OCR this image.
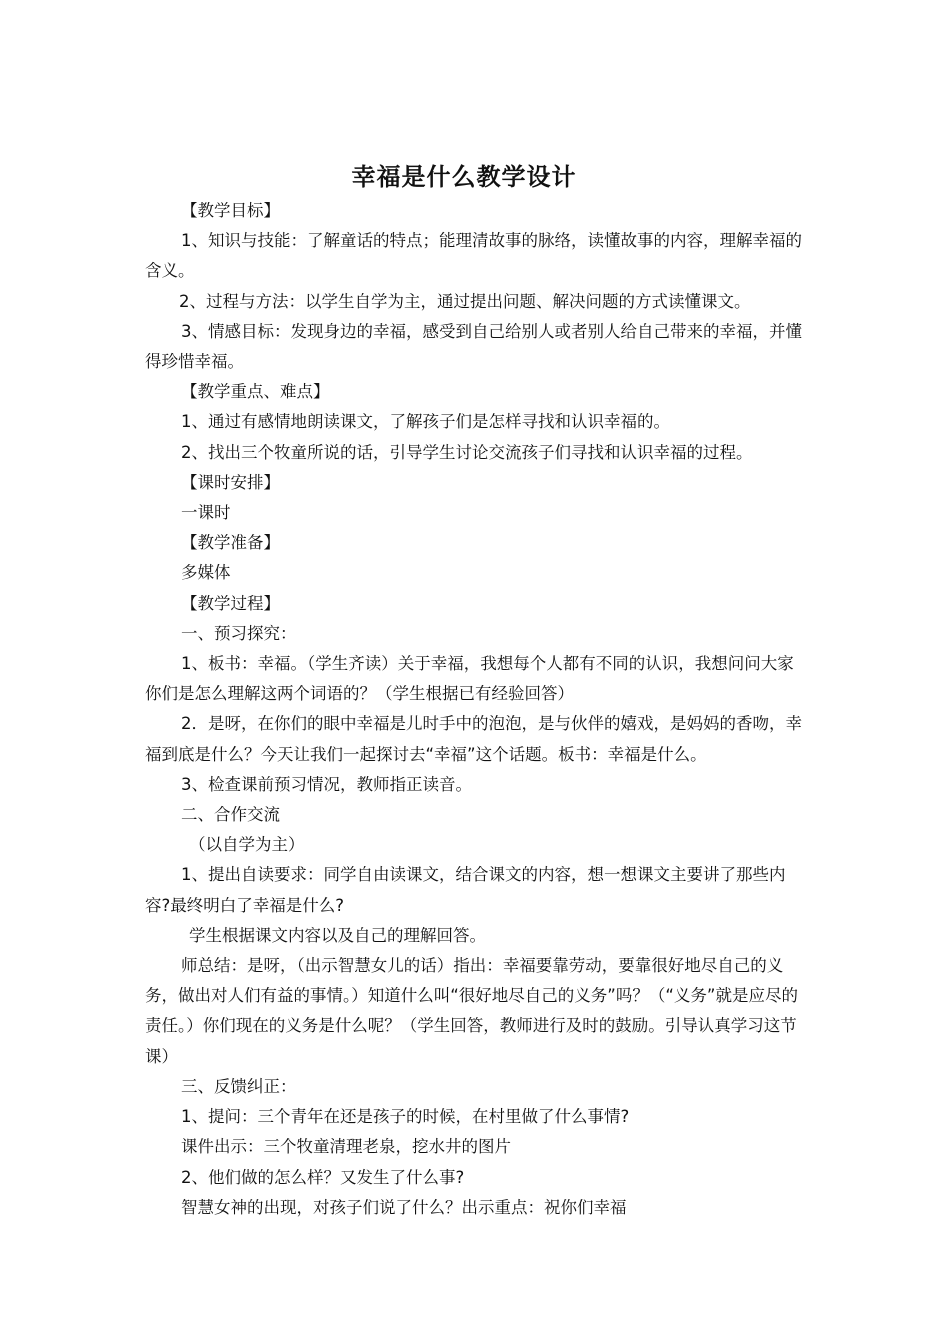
幸福是什么教学设计

【教学目标】

1、知识与技能：了解童话的特点；能理清故事的脉络，读懂故事的内容，理解幸福的含义。

2、过程与方法：以学生自学为主，通过提出问题、解决问题的方式读懂课文。

3、情感目标：发现身边的幸福，感受到自己给别人或者别人给自己带来的幸福，并懂得珍惜幸福。

【教学重点、难点】

1、通过有感情地朗读课文，了解孩子们是怎样寻找和认识幸福的。

2、找出三个牧童所说的话，引导学生讨论交流孩子们寻找和认识幸福的过程。

【课时安排】

一课时

【教学准备】

多媒体

【教学过程】

一、预习探究：

1、板书：幸福。（学生齐读）关于幸福，我想每个人都有不同的认识，我想问问大家你们是怎么理解这两个词语的？（学生根据已有经验回答）

2．是呀，在你们的眼中幸福是儿时手中的泡泡，是与伙伴的嬉戏，是妈妈的香吻，幸福到底是什么？今天让我们一起探讨去“幸福”这个话题。板书：幸福是什么。

3、检查课前预习情况，教师指正读音。

二、合作交流

（以自学为主）

1、提出自读要求：同学自由读课文，结合课文的内容，想一想课文主要讲了那些内容?最终明白了幸福是什么?

学生根据课文内容以及自己的理解回答。

师总结：是呀，（出示智慧女儿的话）指出：幸福要靠劳动，要靠很好地尽自己的义务，做出对人们有益的事情。）知道什么叫“很好地尽自己的义务”吗？（“义务”就是应尽的责任。）你们现在的义务是什么呢？（学生回答，教师进行及时的鼓励。引导认真学习这节课）

三、反馈纠正：

1、提问：三个青年在还是孩子的时候，在村里做了什么事情?

课件出示：三个牧童清理老泉，挖水井的图片

2、他们做的怎么样？又发生了什么事?

智慧女神的出现，对孩子们说了什么？出示重点：祝你们幸福
